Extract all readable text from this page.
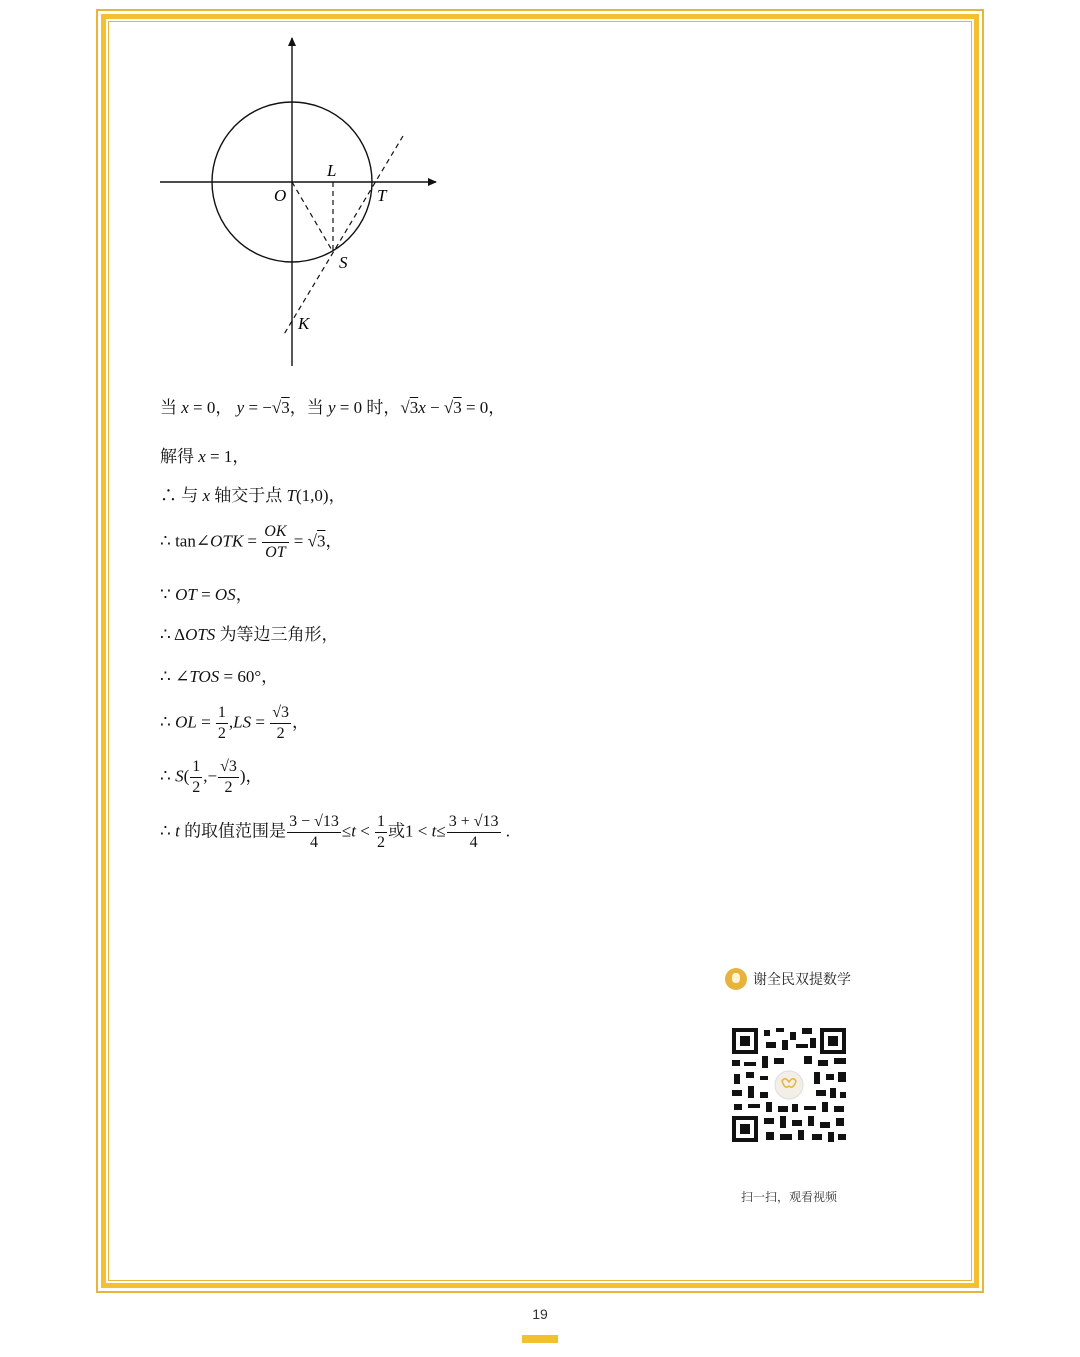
O
L
T
S
K
当 x = 0， y = −√3，当 y = 0 时，√3x − √3 = 0，
解得 x = 1，
∴ 与 x 轴交于点 T(1,0)，
∴ tan∠OTK = $\frac{OK}{OT} = √3$，
∵ OT = OS，
∴ ΔOTS 为等边三角形，
∴ ∠TOS = 60°，
∴ OL = $\frac{1}{2} ,LS = \frac{√3}{2}$ ，
∴ $S( \frac{1}{2}$ ,− $\frac{√3}{2}$ )，
∴ t 的取值范围是 $\frac{3 - √13}{4} \le t < \frac{1}{2}$ 或$1 < t\le \frac{3 + √13}{4}$ .
谢全民双提数学
扫一扫，观看视频
19
